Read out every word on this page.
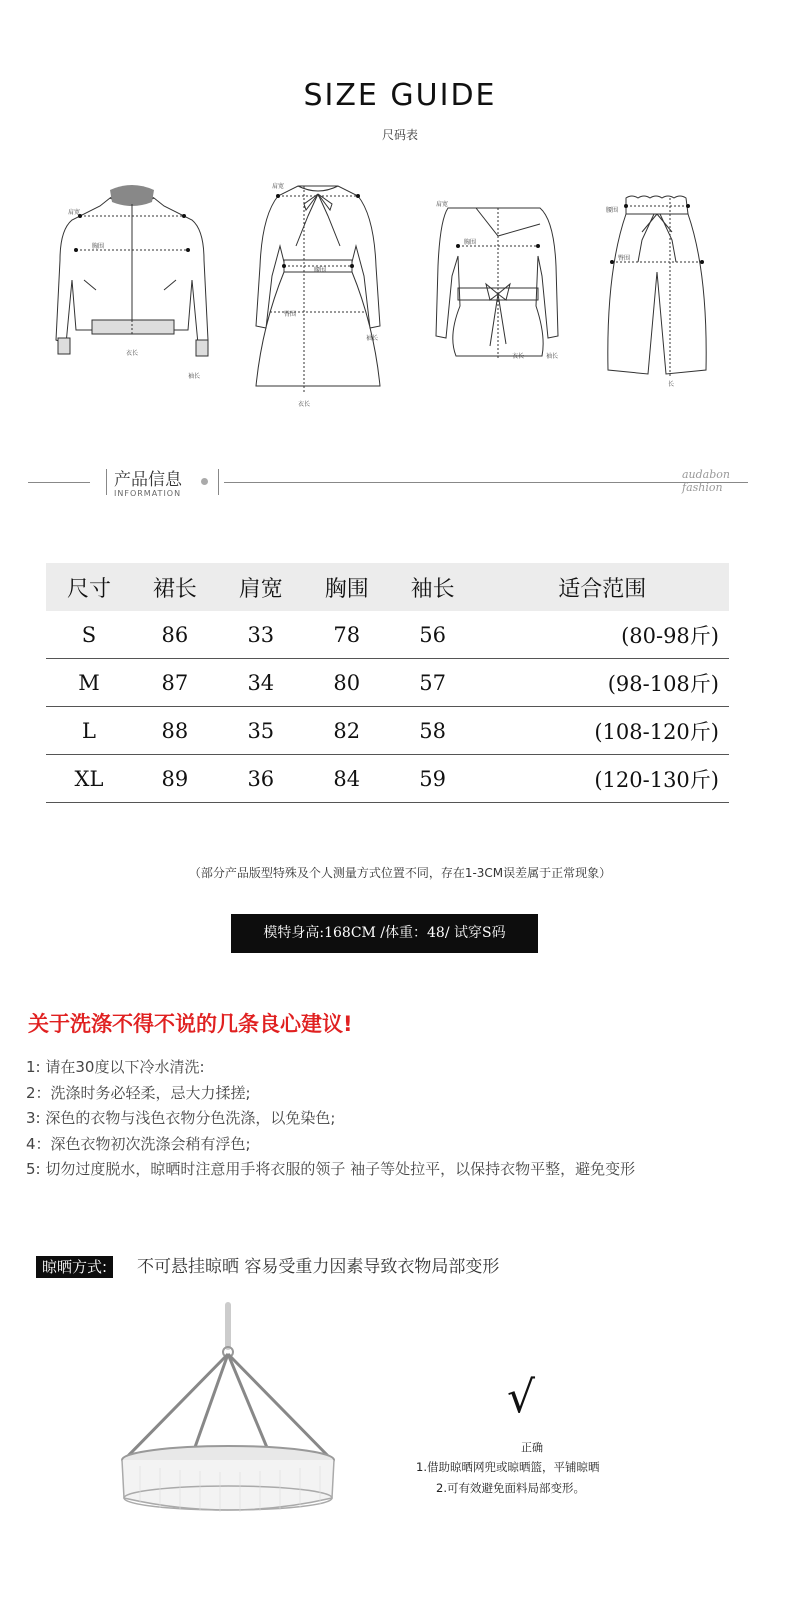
SIZE GUIDE
尺码表
肩宽
胸围
衣长
袖长
肩宽
腰围
臀围
袖长
衣长
肩宽
胸围
衣长	袖长
腰围
臀围
长
产品信息
INFORMATION
audabon fashion
尺寸	裙长	肩宽	胸围	袖长	适合范围
S	86	33	78	56	(80-98斤)
M	87	34	80	57	(98-108斤)
L	88	35	82	58	(108-120斤)
XL	89	36	84	59	(120-130斤)
（部分产品版型特殊及个人测量方式位置不同，存在1-3CM误差属于正常现象）
模特身高:168CM /体重：48/ 试穿S码
关于洗涤不得不说的几条良心建议!
1: 请在30度以下冷水清洗:
2：洗涤时务必轻柔，忌大力揉搓;
3: 深色的衣物与浅色衣物分色洗涤，以免染色;
4：深色衣物初次洗涤会稍有浮色;
5: 切勿过度脱水，晾晒时注意用手将衣服的领子 袖子等处拉平，以保持衣物平整，避免变形
晾晒方式:	不可悬挂晾晒 容易受重力因素导致衣物局部变形
√
正确
1.借助晾晒网兜或晾晒篮，平铺晾晒
2.可有效避免面料局部变形。
